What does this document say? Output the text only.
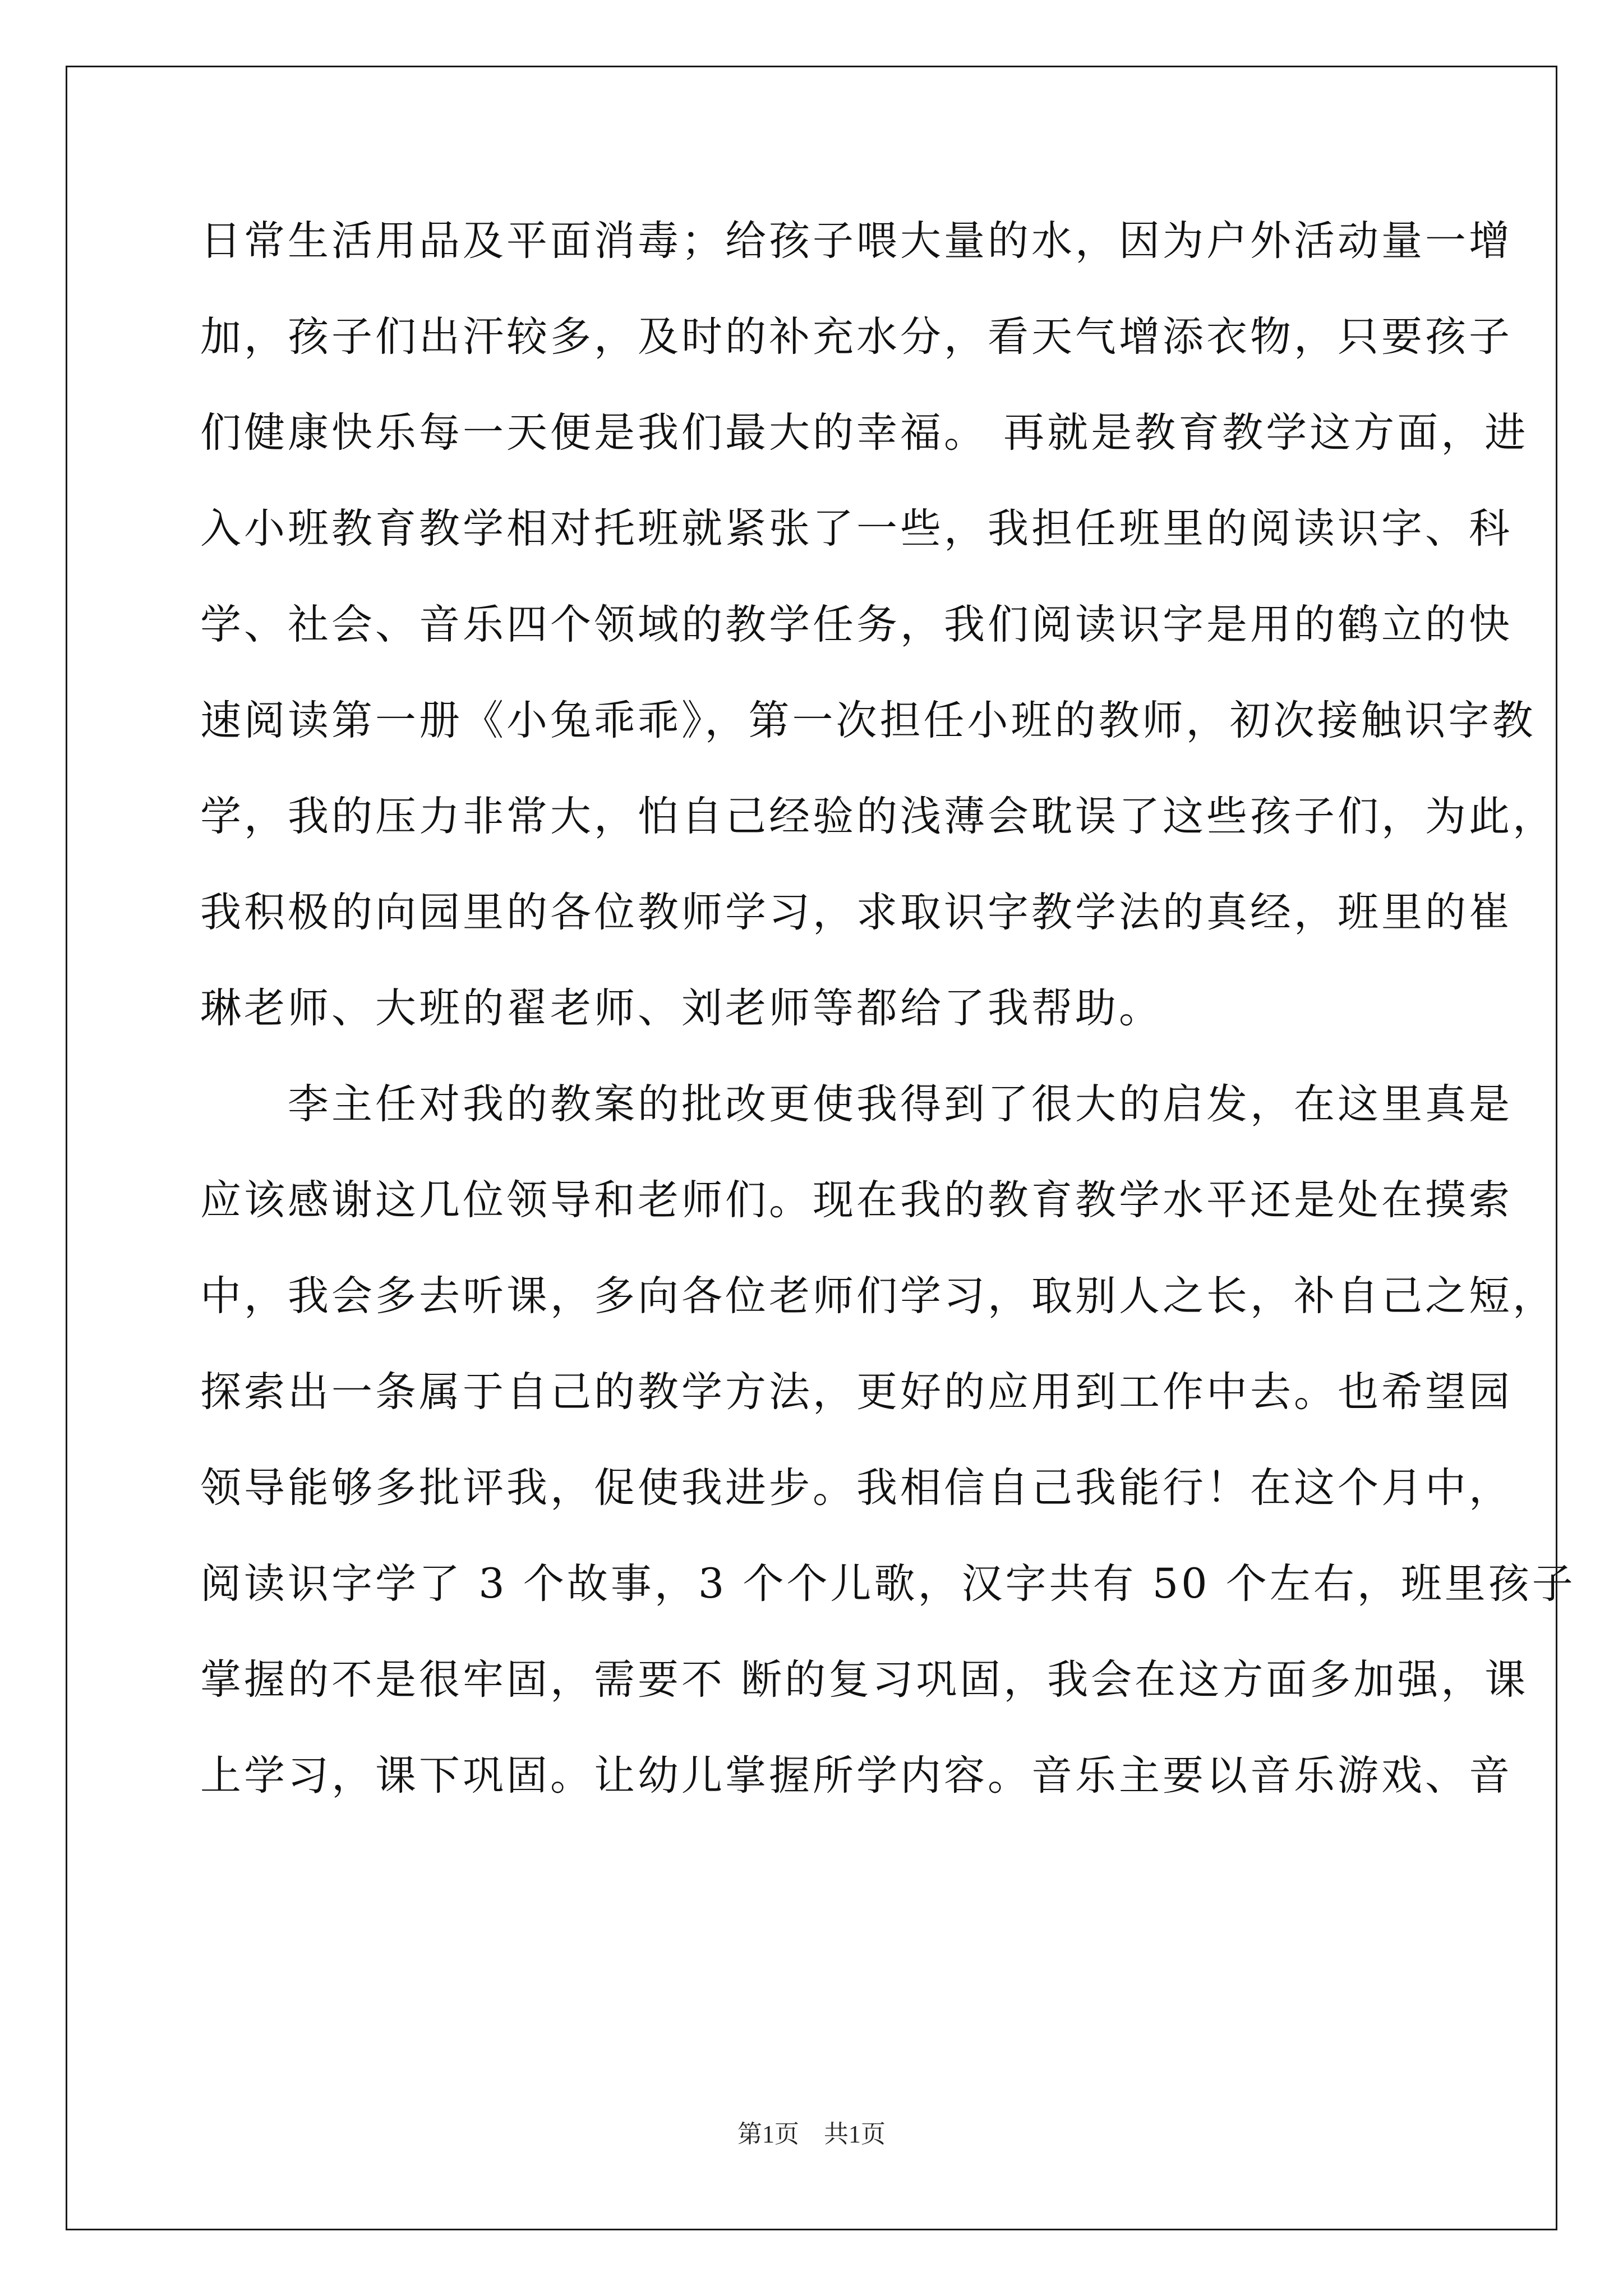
日常生活用品及平面消毒；给孩子喂大量的水，因为户外活动量一增
加，孩子们出汗较多，及时的补充水分，看天气增添衣物，只要孩子
们健康快乐每一天便是我们最大的幸福。 再就是教育教学这方面，进
入小班教育教学相对托班就紧张了一些，我担任班里的阅读识字、科
学、社会、音乐四个领域的教学任务，我们阅读识字是用的鹤立的快
速阅读第一册《小兔乖乖》，第一次担任小班的教师，初次接触识字教
学，我的压力非常大，怕自己经验的浅薄会耽误了这些孩子们，为此，
我积极的向园里的各位教师学习，求取识字教学法的真经，班里的崔
琳老师、大班的翟老师、刘老师等都给了我帮助。
　　李主任对我的教案的批改更使我得到了很大的启发，在这里真是
应该感谢这几位领导和老师们。现在我的教育教学水平还是处在摸索
中，我会多去听课，多向各位老师们学习，取别人之长，补自己之短，
探索出一条属于自己的教学方法，更好的应用到工作中去。也希望园
领导能够多批评我，促使我进步。我相信自己我能行！在这个月中，
阅读识字学了 3 个故事，3 个个儿歌，汉字共有 50 个左右，班里孩子
掌握的不是很牢固，需要不 断的复习巩固，我会在这方面多加强，课
上学习，课下巩固。让幼儿掌握所学内容。音乐主要以音乐游戏、音
第1页　共1页
